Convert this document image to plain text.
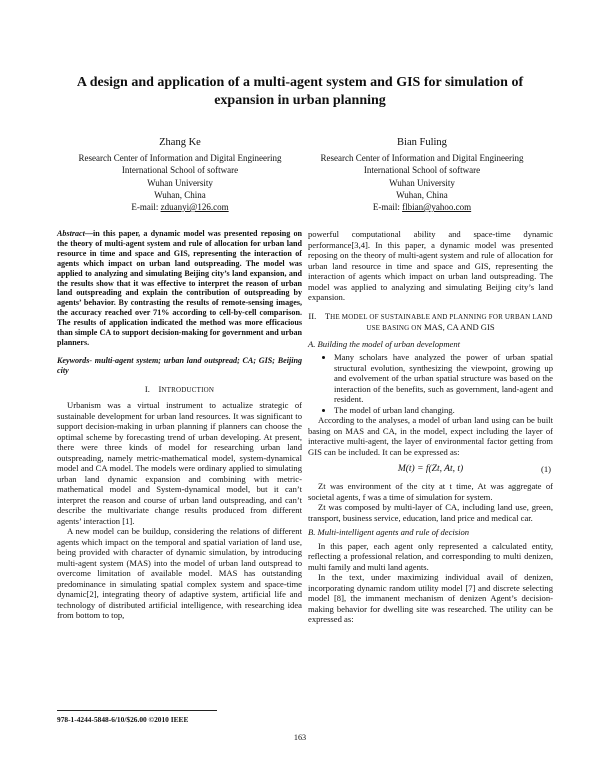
A design and application of a multi-agent system and GIS for simulation of expansion in urban planning
Zhang Ke
Research Center of Information and Digital Engineering
International School of software
Wuhan University
Wuhan, China
E-mail: zduanyi@126.com
Bian Fuling
Research Center of Information and Digital Engineering
International School of software
Wuhan University
Wuhan, China
E-mail: flbian@yahoo.com
Abstract—in this paper, a dynamic model was presented reposing on the theory of multi-agent system and rule of allocation for urban land resource in time and space and GIS, representing the interaction of agents which impact on urban land outspreading. The model was applied to analyzing and simulating Beijing city’s land expansion, and the results show that it was effective to interpret the reason of urban land outspreading and explain the contribution of outspreading by agents’ behavior. By contrasting the results of remote-sensing images, the accuracy reached over 71% according to cell-by-cell comparison. The results of application indicated the method was more efficacious than simple CA to support decision-making for government and urban planners.
Keywords- multi-agent system; urban land outspread; CA; GIS; Beijing city
I. INTRODUCTION

Urbanism was a virtual instrument to actualize strategic of sustainable development for urban land resources. It was significant to support decision-making in urban planning if planners can choose the optimal scheme by forecasting trend of urban developing. At present, there were three kinds of model for researching urban land outspreading, namely metric-mathematical model, system-dynamical model and CA model. The models were ordinary applied to simulating urban land dynamic expansion and combining with metric-mathematical model and System-dynamical model, but it can’t interpret the reason and course of urban land outspreading, and can’t describe the multivariate change results produced from different agents’ interaction [1].

A new model can be buildup, considering the relations of different agents which impact on the temporal and spatial variation of land use, being provided with character of dynamic simulation, by introducing multi-agent system (MAS) into the model of urban land outspread to overcome limitation of available model. MAS has outstanding predominance in simulating spatial complex system and space-time dynamic[2], integrating theory of adaptive system, artificial life and technology of distributed artificial intelligence, with researching idea from bottom to top,

powerful computational ability and space-time dynamic performance[3,4]. In this paper, a dynamic model was presented reposing on the theory of multi-agent system and rule of allocation for urban land resource in time and space and GIS, representing the interaction of agents which impact on urban land outspreading. The model was applied to analyzing and simulating Beijing city’s land expansion.

II. THE MODEL OF SUSTAINABLE AND PLANNING FOR URBAN LAND USE BASING ON MAS, CA AND GIS
A. Building the model of urban development
• Many scholars have analyzed the power of urban spatial structural evolution, synthesizing the viewpoint, growing up and evolvement of the urban spatial structure was based on the interaction of the benefits, such as government, land-agent and resident.
• The model of urban land changing.

According to the analyses, a model of urban land using can be built basing on MAS and CA, in the model, expect including the layer of interactive multi-agent, the layer of environmental factor getting from GIS can be included. It can be expressed as:

M(t) = f(Zt, At, t)	(1)

Zt was environment of the city at t time, At was aggregate of societal agents, f was a time of simulation for system.

Zt was composed by multi-layer of CA, including land use, green, transport, business service, education, land price and medical car.

B. Multi-intelligent agents and rule of decision

In this paper, each agent only represented a calculated entity, reflecting a professional relation, and corresponding to multi denizen, multi family and multi land agents.

In the text, under maximizing individual avail of denizen, incorporating dynamic random utility model [7] and discrete selecting model [8], the immanent mechanism of denizen Agent’s decision-making behavior for dwelling site was researched. The utility can be expressed as:

978-1-4244-5848-6/10/$26.00 ©2010 IEEE
163
